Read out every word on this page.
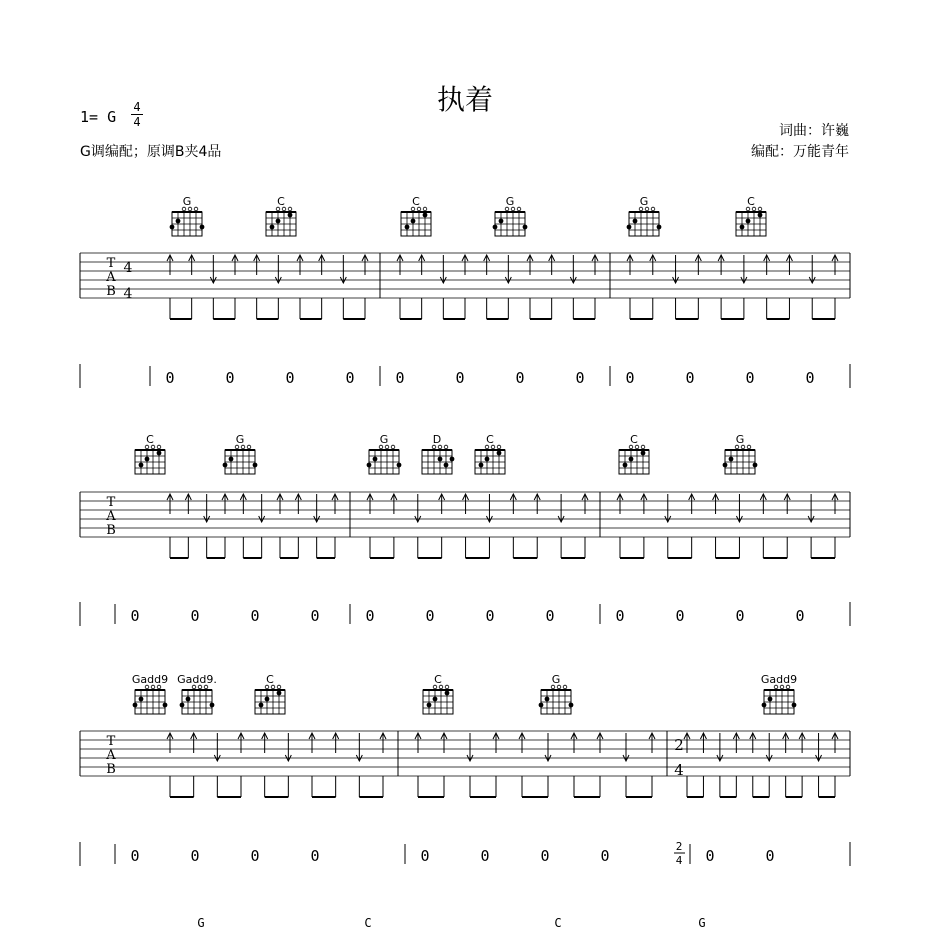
执着
1= G
4
4
G调编配；原调B夹4品
词曲：许巍
编配：万能青年
T
A
B
0	0	0	0	0	0	0	0	0	0	0	0
G	C	C	G	G	C
T
A
B
0	0	0	0	0	0	0	0	0	0	0	0
C	G	G	D	C	C	G
T
A
B
0	0	0	0	0	0	0	0	0	0
Gadd9 Gadd9.	C	C	G	Gadd9
4
4
2
4
2
4
G	C	C	G
